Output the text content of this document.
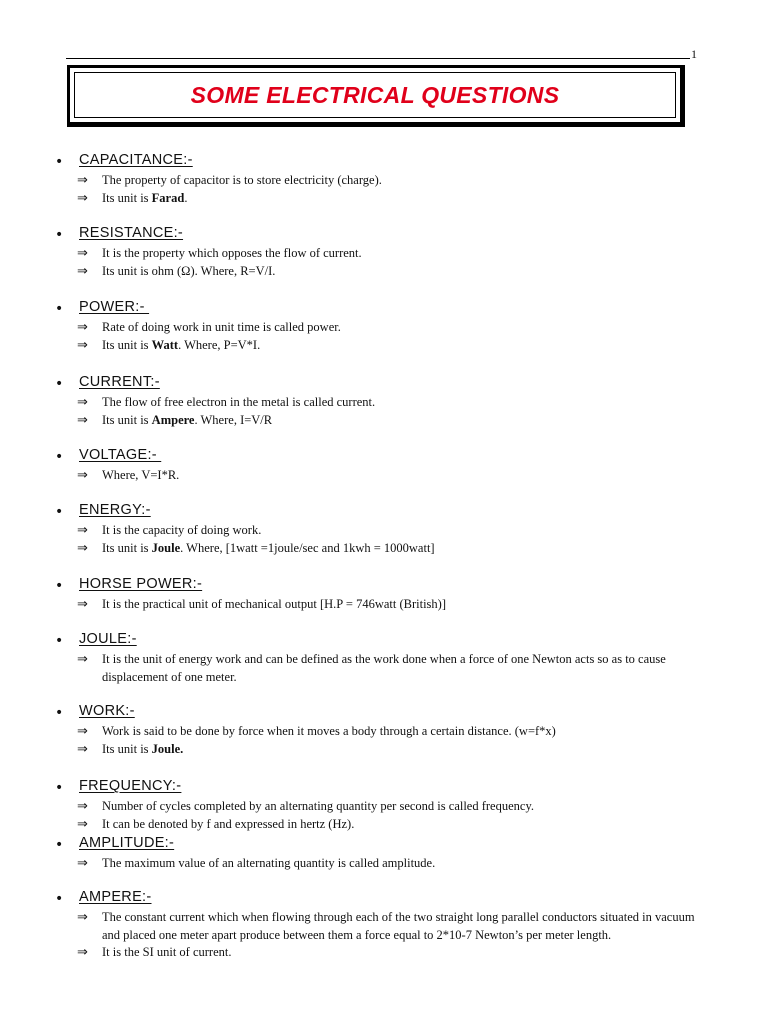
1
SOME ELECTRICAL QUESTIONS
• CAPACITANCE:-
⇒ The property of capacitor is to store electricity (charge).
⇒ Its unit is Farad.
• RESISTANCE:-
⇒ It is the property which opposes the flow of current.
⇒ Its unit is ohm (Ω). Where, R=V/I.
• POWER:-
⇒ Rate of doing work in unit time is called power.
⇒ Its unit is Watt. Where, P=V*I.
• CURRENT:-
⇒ The flow of free electron in the metal is called current.
⇒ Its unit is Ampere. Where, I=V/R
• VOLTAGE:-
⇒ Where, V=I*R.
• ENERGY:-
⇒ It is the capacity of doing work.
⇒ Its unit is Joule. Where, [1watt =1joule/sec and 1kwh = 1000watt]
• HORSE POWER:-
⇒ It is the practical unit of mechanical output [H.P = 746watt (British)]
• JOULE:-
⇒ It is the unit of energy work and can be defined as the work done when a force of one Newton acts so as to cause displacement of one meter.
• WORK:-
⇒ Work is said to be done by force when it moves a body through a certain distance. (w=f*x)
⇒ Its unit is Joule.
• FREQUENCY:-
⇒ Number of cycles completed by an alternating quantity per second is called frequency.
⇒ It can be denoted by f and expressed in hertz (Hz).
• AMPLITUDE:-
⇒ The maximum value of an alternating quantity is called amplitude.
• AMPERE:-
⇒ The constant current which when flowing through each of the two straight long parallel conductors situated in vacuum and placed one meter apart produce between them a force equal to 2*10-7 Newton’s per meter length.
⇒ It is the SI unit of current.
